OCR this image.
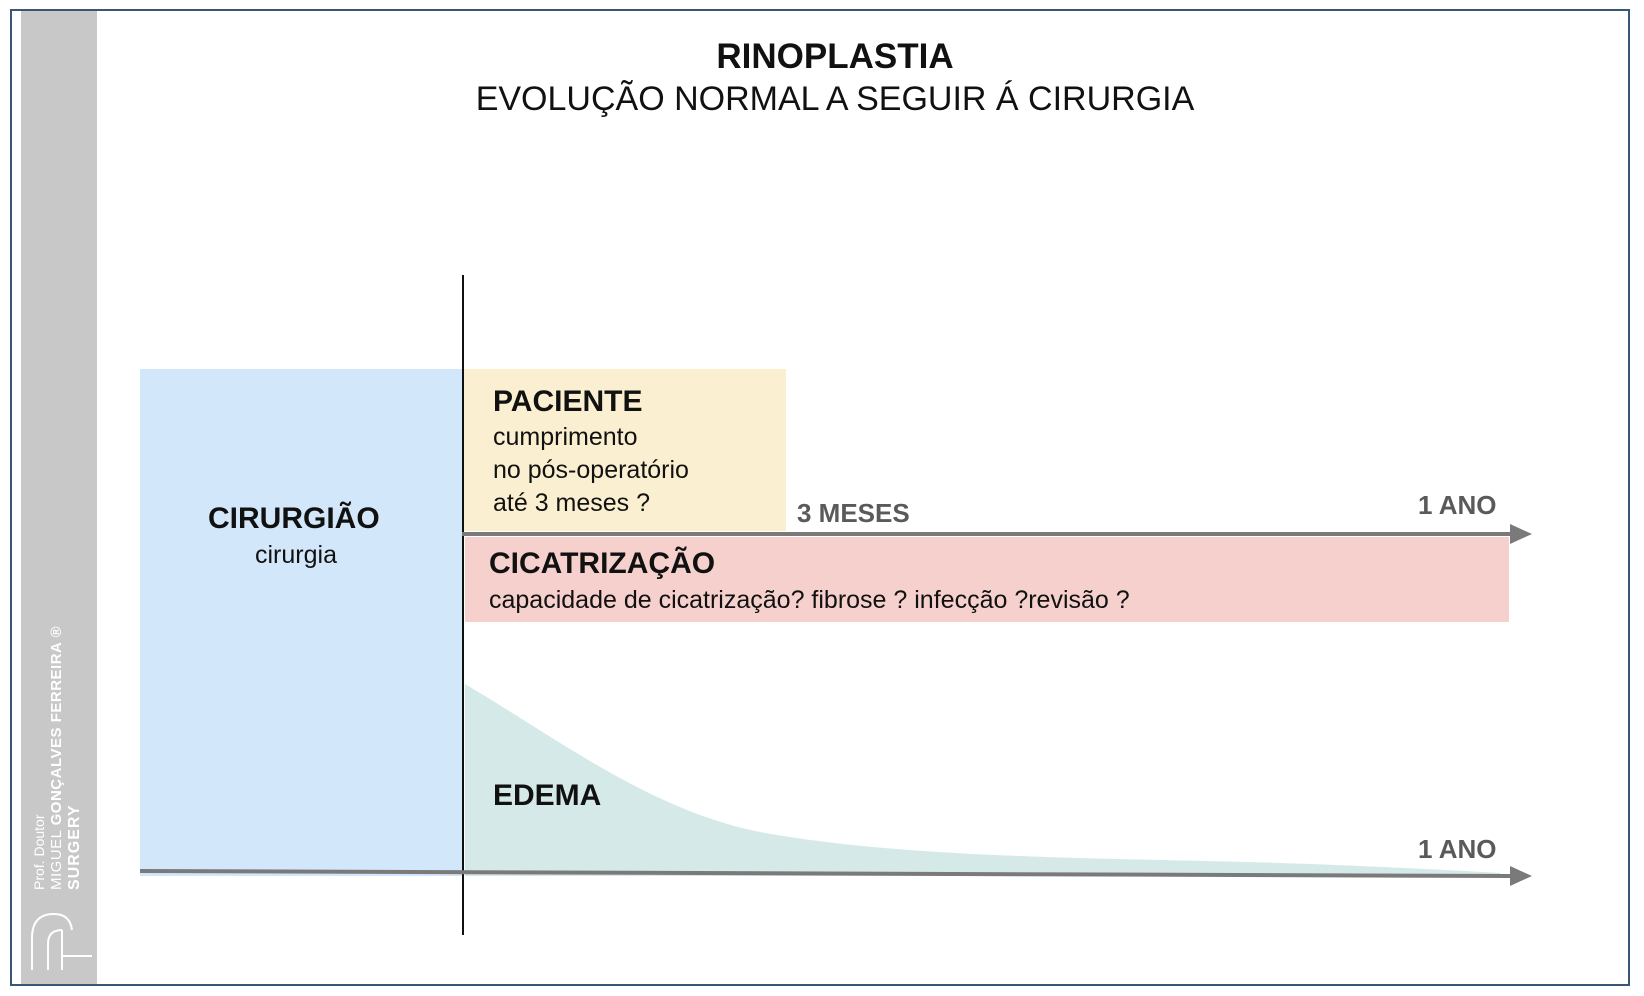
Prof. Doutor MIGUEL GONÇALVES FERREIRA ®
SURGERY
RINOPLASTIA
EVOLUÇÃO NORMAL A SEGUIR Á CIRURGIA
CIRURGIÃO
cirurgia
PACIENTE
cumprimento
no pós-operatório
até 3 meses ?	3 MESES	1 ANO
CICATRIZAÇÃO
capacidade de cicatrização? fibrose ? infecção ?revisão ?
EDEMA
1 ANO
